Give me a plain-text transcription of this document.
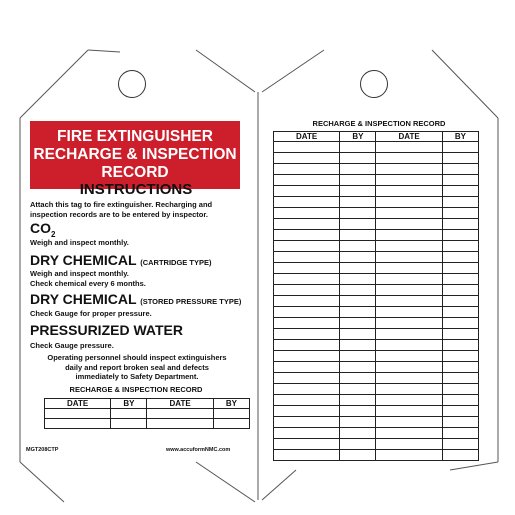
FIRE EXTINGUISHER
RECHARGE & INSPECTION
RECORD
INSTRUCTIONS
Attach this tag to fire extinguisher. Recharging and
inspection records are to be entered by inspector.
$CO_2$
Weigh and inspect monthly.
DRY CHEMICAL (CARTRIDGE TYPE)
Weigh and inspect monthly.
Check chemical every 6 months.
DRY CHEMICAL (STORED PRESSURE TYPE)
Check Gauge for proper pressure.
PRESSURIZED WATER
Check Gauge pressure.
Operating personnel should inspect extinguishers
daily and report broken seal and defects
immediately to Safety Department.
RECHARGE & INSPECTION RECORD
DATE	BY	DATE	BY

MGT208CTP	www.accuformNMC.com
RECHARGE & INSPECTION RECORD
DATE	BY	DATE	BY
